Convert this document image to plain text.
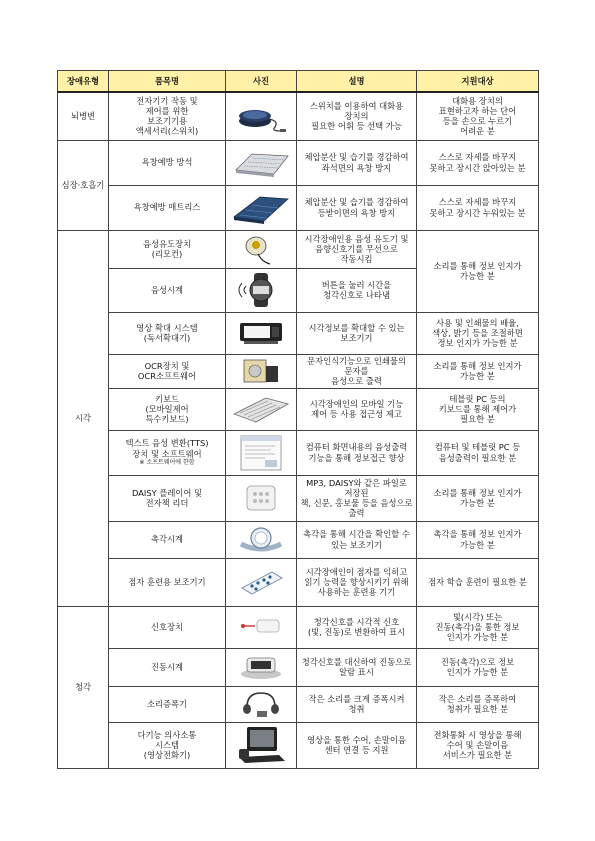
장애유형	품목명	사진	설명	지원대상
뇌병변	전자기기 작동 및
제어를 위한
보조기기용
액세서리(스위치)		스위치를 이용하여 대화용
장치의
필요한 어휘 등 선택 가능	대화용 장치의
표현하고자 하는 단어
등을 손으로 누르기
어려운 분

심장·호흡기	욕창예방 방석		체압분산 및 습기를 경감하여
좌석면의 욕창 방지	스스로 자세를 바꾸지
못하고 장시간 앉아있는 분

	욕창예방 매트리스		체압분산 및 습기를 경감하여
등받이면의 욕창 방지	스스로 자세를 바꾸지
못하고 장시간 누워있는 분

시각	음성유도장치
(리모컨)		시각장애인용 음성 유도기 및
음향신호기를 무선으로
작동시킴	소리를 통해 정보 인지가
가능한 분

	음성시계		버튼을 눌러 시간을
청각신호로 나타냄	

	영상 확대 시스템
(독서확대기)		시각정보를 확대할 수 있는
보조기기	사용 및 인쇄물의 배율,
색상, 밝기 등을 조절하면
정보 인지가 가능한 분

	OCR장치 및
OCR소프트웨어		문자인식기능으로 인쇄물의
문자를
음성으로 출력	소리를 통해 정보 인지가
가능한 분

	키보드
(모바일제어
특수키보드)		시각장애인의 모바일 기능
제어 등 사용 접근성 제고	테블릿 PC 등의
키보드를 통해 제어가
필요한 분

	텍스트 음성 변환(TTS)
장치 및 소프트웨어
※ 소프트웨어에 한함		컴퓨터 화면내용의 음성출력
기능을 통해 정보접근 향상	컴퓨터 및 테블릿 PC 등
음성출력이 필요한 분

	DAISY 플레이어 및
전자책 리더		MP3, DAISY와 같은 파일로
저장된
책, 신문, 홍보물 등을 음성으로
출력	소리를 통해 정보 인지가
가능한 분

	촉각시계		촉각을 통해 시간을 확인할 수
있는 보조기기	촉각을 통해 정보 인지가
가능한 분

	점자 훈련용 보조기기		시각장애인이 점자를 익히고
읽기 능력을 향상시키기 위해
사용하는 훈련용 기기	점자 학습 훈련이 필요한 분

청각	신호장치		청각신호를 시각적 신호
(빛, 진동)로 변환하여 표시	빛(시각) 또는
진동(촉각)을 통한 정보
인지가 가능한 분

	진동시계		청각신호를 대신하여 진동으로
알람 표시	진동(촉각)으로 정보
인지가 가능한 분

	소리증폭기		작은 소리를 크게 증폭시켜
청취	작은 소리를 증폭하여
청취가 필요한 분

	다기능 의사소통
시스템
(영상전화기)		영상을 통한 수어, 손말이음
센터 연결 등 지원	전화통화 시 영상을 통해
수어 및 손말이음
서비스가 필요한 분
